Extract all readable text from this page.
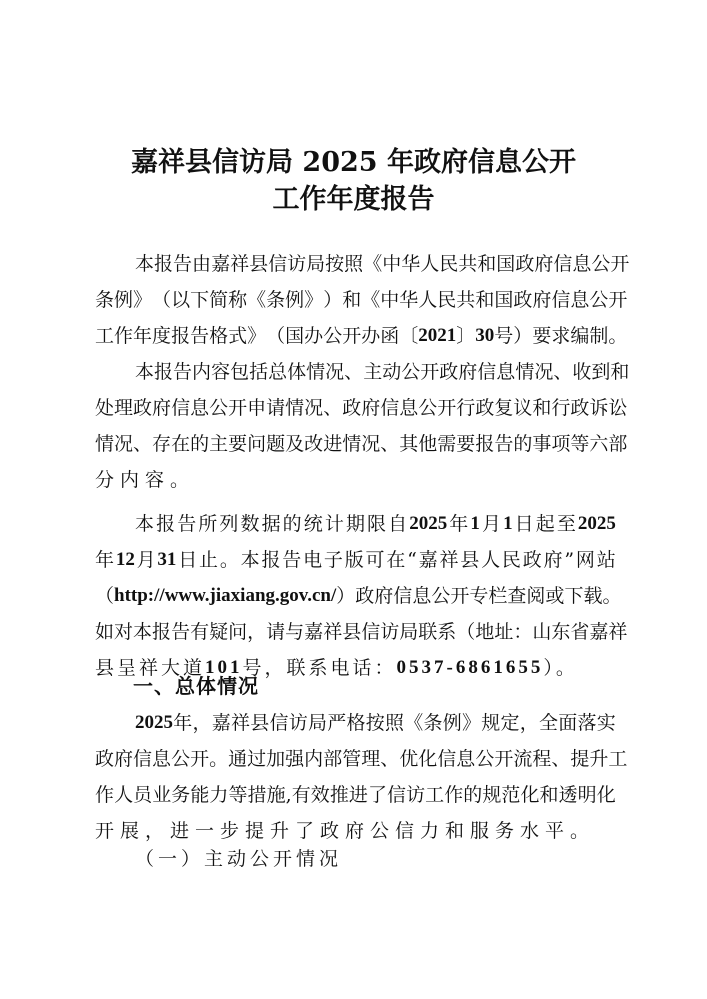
嘉祥县信访局 2025 年政府信息公开
工作年度报告
本 报 告 由 嘉 祥 县 信 访 局 按 照 《 中 华 人 民 共 和 国 政 府 信 息 公 开
条 例 》 （ 以 下 简 称 《 条 例 》 ） 和 《 中 华 人 民 共 和 国 政 府 信 息 公 开
工 作 年 度 报 告 格 式 》 （ 国 办 公 开 办 函 〔 2021 〕 30 号 ） 要 求 编 制 。
本 报 告 内 容 包 括 总 体 情 况 、 主 动 公 开 政 府 信 息 情 况 、 收 到 和
处 理 政 府 信 息 公 开 申 请 情 况 、 政 府 信 息 公 开 行 政 复 议 和 行 政 诉 讼
情 况 、 存 在 的 主 要 问 题 及 改 进 情 况 、 其 他 需 要 报 告 的 事 项 等 六 部
分内容。
本 报 告 所 列 数 据 的 统 计 期 限 自 2025 年 1 月 1 日 起 至 2025
年 12 月 31 日 止 。 本 报 告 电 子 版 可 在 “ 嘉 祥 县 人 民 政 府 ” 网 站
（ http://www.jiaxiang.gov.cn/ ） 政 府 信 息 公 开 专 栏 查 阅 或 下 载 。
如 对 本 报 告 有 疑 问 ， 请 与 嘉 祥 县 信 访 局 联 系 （ 地 址 ： 山 东 省 嘉 祥
县呈祥大道 101 号，联系电话： 0537-6861655 ）。
一、总体情况
2025 年 ， 嘉 祥 县 信 访 局 严 格 按 照 《 条 例 》 规 定 ， 全 面 落 实
政 府 信 息 公 开 。 通 过 加 强 内 部 管 理 、 优 化 信 息 公 开 流 程 、 提 升 工
作 人 员 业 务 能 力 等 措 施 , 有 效 推 进 了 信 访 工 作 的 规 范 化 和 透 明 化
开展，进一步提升了政府公信力和服务水平。
（一）主动公开情况
